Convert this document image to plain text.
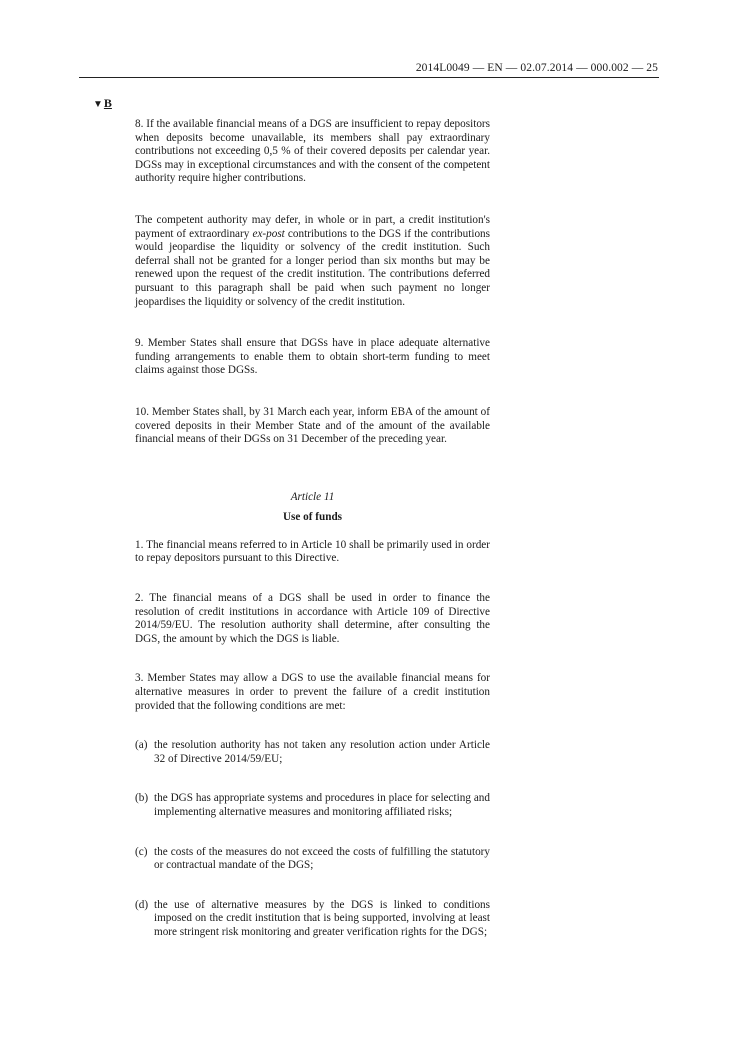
2014L0049 — EN — 02.07.2014 — 000.002 — 25
▼ B

8. If the available financial means of a DGS are insufficient to repay depositors when deposits become unavailable, its members shall pay extraordinary contributions not exceeding 0,5 % of their covered deposits per calendar year. DGSs may in exceptional circumstances and with the consent of the competent authority require higher contributions.

The competent authority may defer, in whole or in part, a credit institution's payment of extraordinary ex-post contributions to the DGS if the contributions would jeopardise the liquidity or solvency of the credit institution. Such deferral shall not be granted for a longer period than six months but may be renewed upon the request of the credit institution. The contributions deferred pursuant to this paragraph shall be paid when such payment no longer jeopardises the liquidity or solvency of the credit institution.

9. Member States shall ensure that DGSs have in place adequate alternative funding arrangements to enable them to obtain short-term funding to meet claims against those DGSs.

10. Member States shall, by 31 March each year, inform EBA of the amount of covered deposits in their Member State and of the amount of the available financial means of their DGSs on 31 December of the preceding year.

Article 11

Use of funds

1. The financial means referred to in Article 10 shall be primarily used in order to repay depositors pursuant to this Directive.

2. The financial means of a DGS shall be used in order to finance the resolution of credit institutions in accordance with Article 109 of Directive 2014/59/EU. The resolution authority shall determine, after consulting the DGS, the amount by which the DGS is liable.

3. Member States may allow a DGS to use the available financial means for alternative measures in order to prevent the failure of a credit institution provided that the following conditions are met:

(a) the resolution authority has not taken any resolution action under Article 32 of Directive 2014/59/EU;
(b) the DGS has appropriate systems and procedures in place for selecting and implementing alternative measures and monitoring affiliated risks;
(c) the costs of the measures do not exceed the costs of fulfilling the statutory or contractual mandate of the DGS;
(d) the use of alternative measures by the DGS is linked to conditions imposed on the credit institution that is being supported, involving at least more stringent risk monitoring and greater verification rights for the DGS;
